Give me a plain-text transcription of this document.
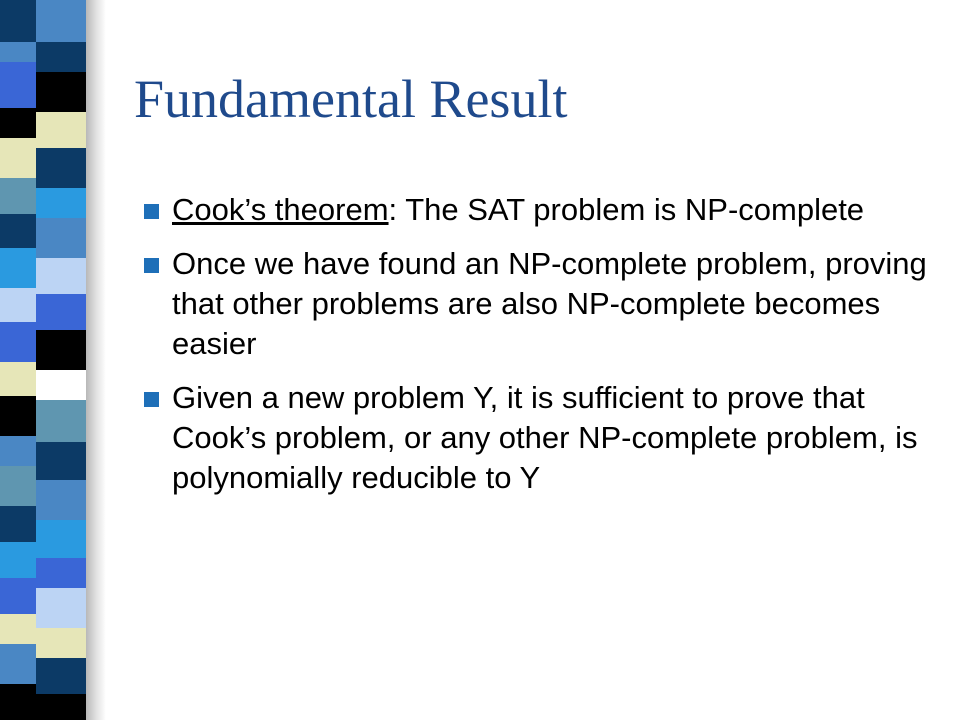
Fundamental Result
Cook’s theorem: The SAT problem is NP-complete
Once we have found an NP-complete problem, proving that other problems are also NP-complete becomes easier
Given a new problem Y, it is sufficient to prove that Cook’s problem, or any other NP-complete problem, is polynomially reducible to Y
